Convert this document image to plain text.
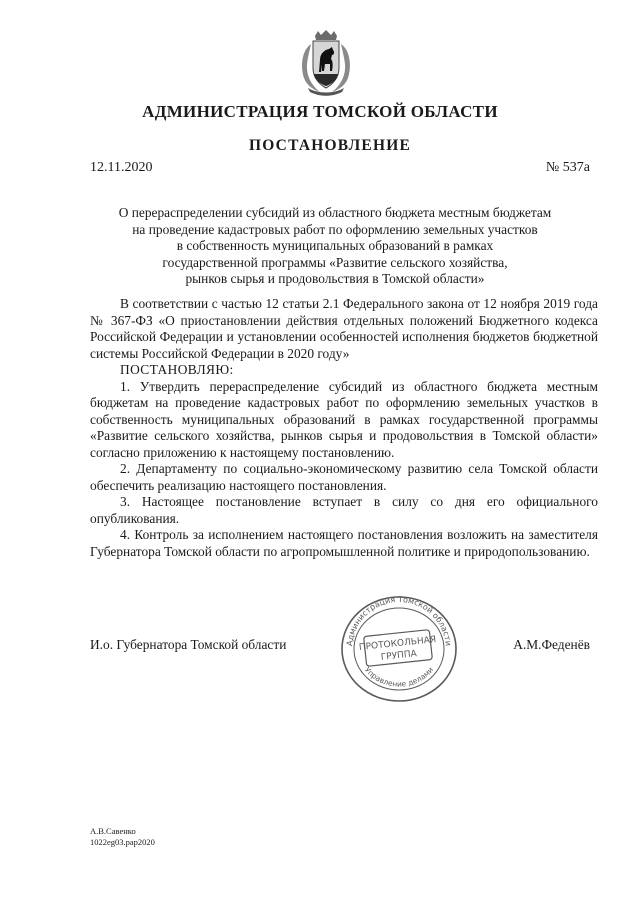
АДМИНИСТРАЦИЯ ТОМСКОЙ ОБЛАСТИ
ПОСТАНОВЛЕНИЕ
12.11.2020	№ 537а
О перераспределении субсидий из областного бюджета местным бюджетам
на проведение кадастровых работ по оформлению земельных участков
в собственность муниципальных образований в рамках
государственной программы «Развитие сельского хозяйства,
рынков сырья и продовольствия в Томской области»

В соответствии с частью 12 статьи 2.1 Федерального закона от 12 ноября 2019 года № 367-ФЗ «О приостановлении действия отдельных положений Бюджетного кодекса Российской Федерации и установлении особенностей исполнения бюджетов бюджетной системы Российской Федерации в 2020 году»

ПОСТАНОВЛЯЮ:

1. Утвердить перераспределение субсидий из областного бюджета местным бюджетам на проведение кадастровых работ по оформлению земельных участков в собственность муниципальных образований в рамках государственной программы «Развитие сельского хозяйства, рынков сырья и продовольствия в Томской области» согласно приложению к настоящему постановлению.

2. Департаменту по социально-экономическому развитию села Томской области обеспечить реализацию настоящего постановления.

3. Настоящее постановление вступает в силу со дня его официального опубликования.

4. Контроль за исполнением настоящего постановления возложить на заместителя Губернатора Томской области по агропромышленной политике и природопользованию.

И.о. Губернатора Томской области	А.М.Феденёв
Администрация Томской области
Управление делами
ПРОТОКОЛЬНАЯ
ГРУППА
А.В.Савенко
1022eg03.pap2020
